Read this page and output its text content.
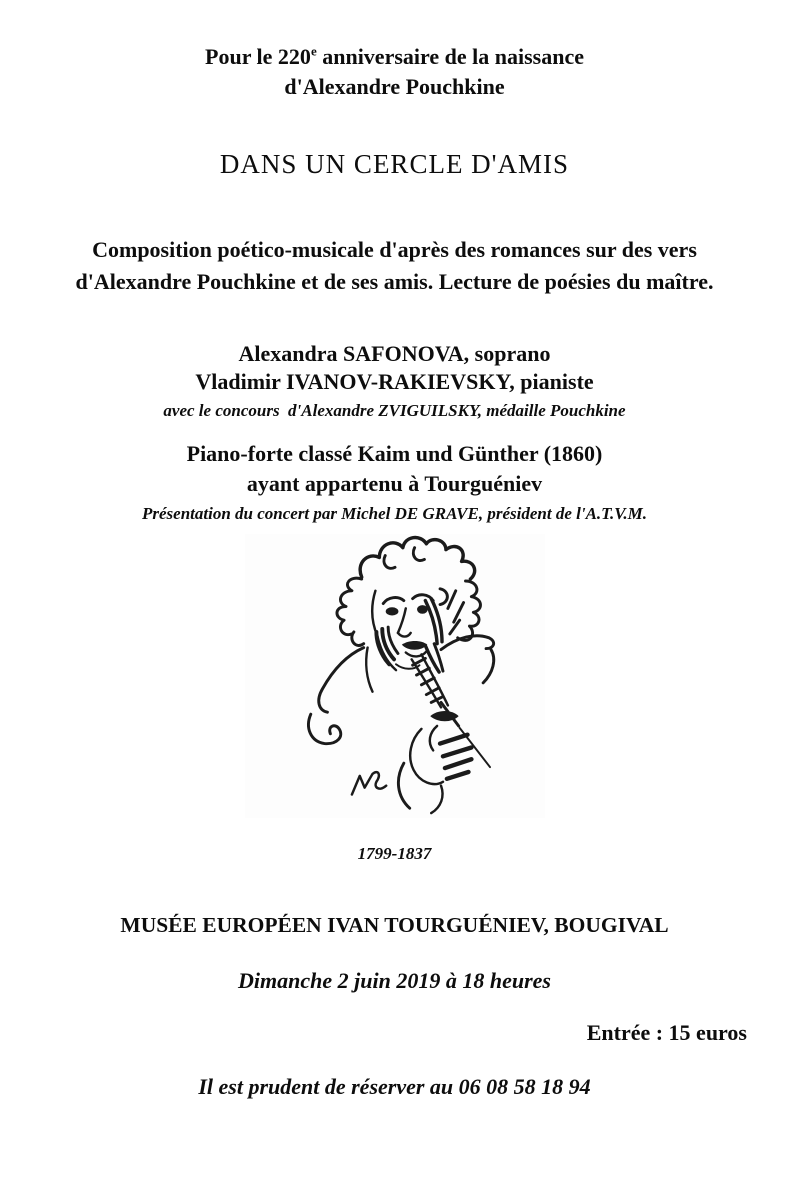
Pour le 220e anniversaire de la naissance
d'Alexandre Pouchkine
DANS UN CERCLE D'AMIS
Composition poético-musicale d'après des romances sur des vers
d'Alexandre Pouchkine et de ses amis. Lecture de poésies du maître.
Alexandra SAFONOVA, soprano
Vladimir IVANOV-RAKIEVSKY, pianiste
avec le concours  d'Alexandre ZVIGUILSKY, médaille Pouchkine
Piano-forte classé Kaim und Günther (1860)
ayant appartenu à Tourguéniev
Présentation du concert par Michel DE GRAVE, président de l'A.T.V.M.
1799-1837
MUSÉE EUROPÉEN IVAN TOURGUÉNIEV, BOUGIVAL
Dimanche 2 juin 2019 à 18 heures
Entrée : 15 euros
Il est prudent de réserver au 06 08 58 18 94
